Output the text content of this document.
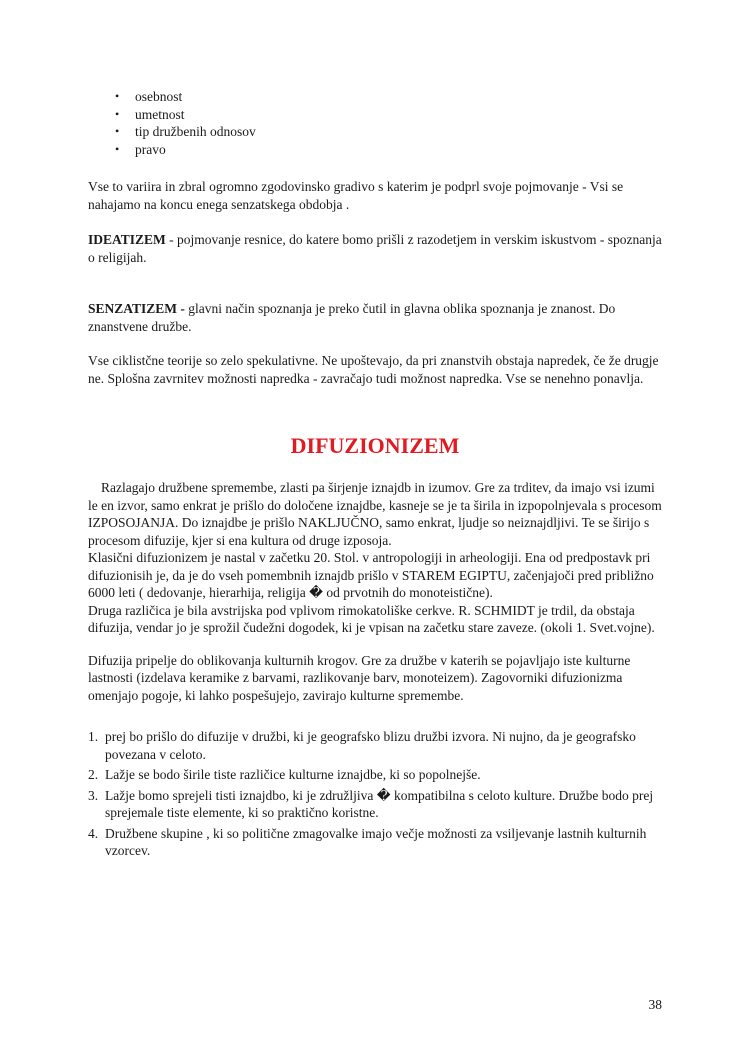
•	osebnost
•	umetnost
•	tip družbenih odnosov
•	pravo

Vse to variira in zbral ogromno zgodovinsko gradivo s katerim je podprl svoje pojmovanje - Vsi se nahajamo na koncu enega senzatskega obdobja .

IDEATIZEM - pojmovanje resnice, do katere bomo prišli z razodetjem in verskim iskustvom - spoznanja o religijah.

SENZATIZEM - glavni način spoznanja je preko čutil in glavna oblika spoznanja je znanost. Do znanstvene družbe.

Vse ciklistčne teorije so zelo spekulativne. Ne upoštevajo, da pri znanstvih obstaja napredek, če že drugje ne. Splošna zavrnitev možnosti napredka - zavračajo tudi možnost napredka. Vse se nenehno ponavlja.

DIFUZIONIZEM

Razlagajo družbene spremembe, zlasti pa širjenje iznajdb in izumov. Gre za trditev, da imajo vsi izumi le en izvor, samo enkrat je prišlo do določene iznajdbe, kasneje se je ta širila in izpopolnjevala s procesom IZPOSOJANJA. Do iznajdbe je prišlo NAKLJUČNO, samo enkrat, ljudje so neiznajdljivi. Te se širijo s procesom difuzije, kjer si ena kultura od druge izposoja.

Klasični difuzionizem je nastal v začetku 20. Stol. v antropologiji in arheologiji. Ena od predpostavk pri difuzionisih je, da je do vseh pomembnih iznajdb prišlo v STAREM EGIPTU, začenjajoči pred približno 6000 leti ( dedovanje, hierarhija, religija � od prvotnih do monoteistične).

Druga različica je bila avstrijska pod vplivom rimokatoliške cerkve. R. SCHMIDT je trdil, da obstaja difuzija, vendar jo je sprožil čudežni dogodek, ki je vpisan na začetku stare zaveze. (okoli 1. Svet.vojne).

Difuzija pripelje do oblikovanja kulturnih krogov. Gre za družbe v katerih se pojavljajo iste kulturne lastnosti (izdelava keramike z barvami, razlikovanje barv, monoteizem). Zagovorniki difuzionizma omenjajo pogoje, ki lahko pospešujejo, zavirajo kulturne spremembe.

1. prej bo prišlo do difuzije v družbi, ki je geografsko blizu družbi izvora. Ni nujno, da je geografsko povezana v celoto.
2. Lažje se bodo širile tiste različice kulturne iznajdbe, ki so popolnejše.
3. Lažje bomo sprejeli tisti iznajdbo, ki je združljiva � kompatibilna s celoto kulture. Družbe bodo prej sprejemale tiste elemente, ki so praktično koristne.
4. Družbene skupine , ki so politične zmagovalke imajo večje možnosti za vsiljevanje lastnih kulturnih vzorcev.
38
